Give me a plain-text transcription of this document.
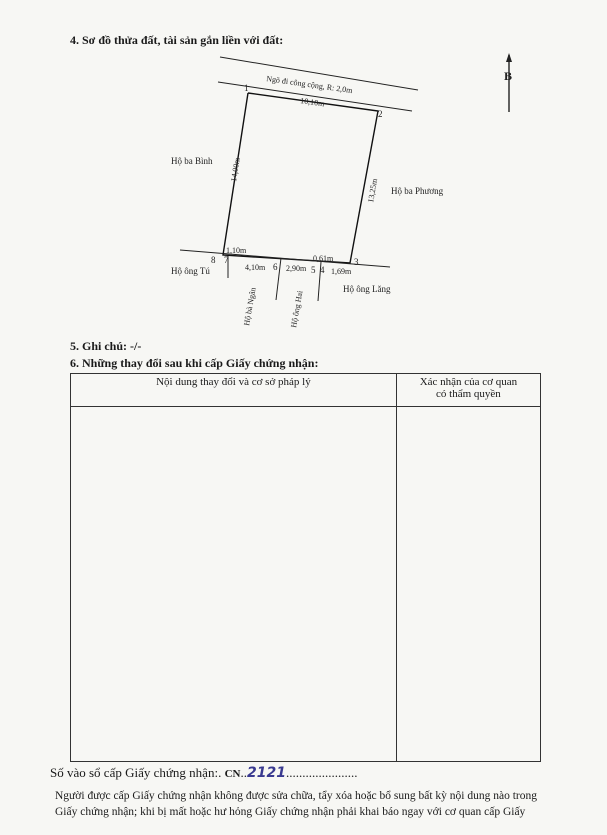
4. Sơ đồ thửa đất, tài sản gắn liền với đất:
B
Ngõ đi công cộng, R: 2,0m
1
2
3
4
5
6
7
8
10,10m
14,00m
13,25m
1,10m
4,10m	2,90m
0,61m
1,69m
Hộ ba Bình
Hộ ba Phương
Hộ ông Tú
Hộ bà Ngân	Hộ ông Hai
Hộ ông Lăng
5. Ghi chú: -/-
6. Những thay đổi sau khi cấp Giấy chứng nhận:
Nội dung thay đổi và cơ sở pháp lý	Xác nhận của cơ quan
có thẩm quyền

Số vào sổ cấp Giấy chứng nhận:. CN..2121......................
Người được cấp Giấy chứng nhận không được sửa chữa, tẩy xóa hoặc bổ sung bất kỳ nội dung nào trong Giấy chứng nhận; khi bị mất hoặc hư hỏng Giấy chứng nhận phải khai báo ngay với cơ quan cấp Giấy
